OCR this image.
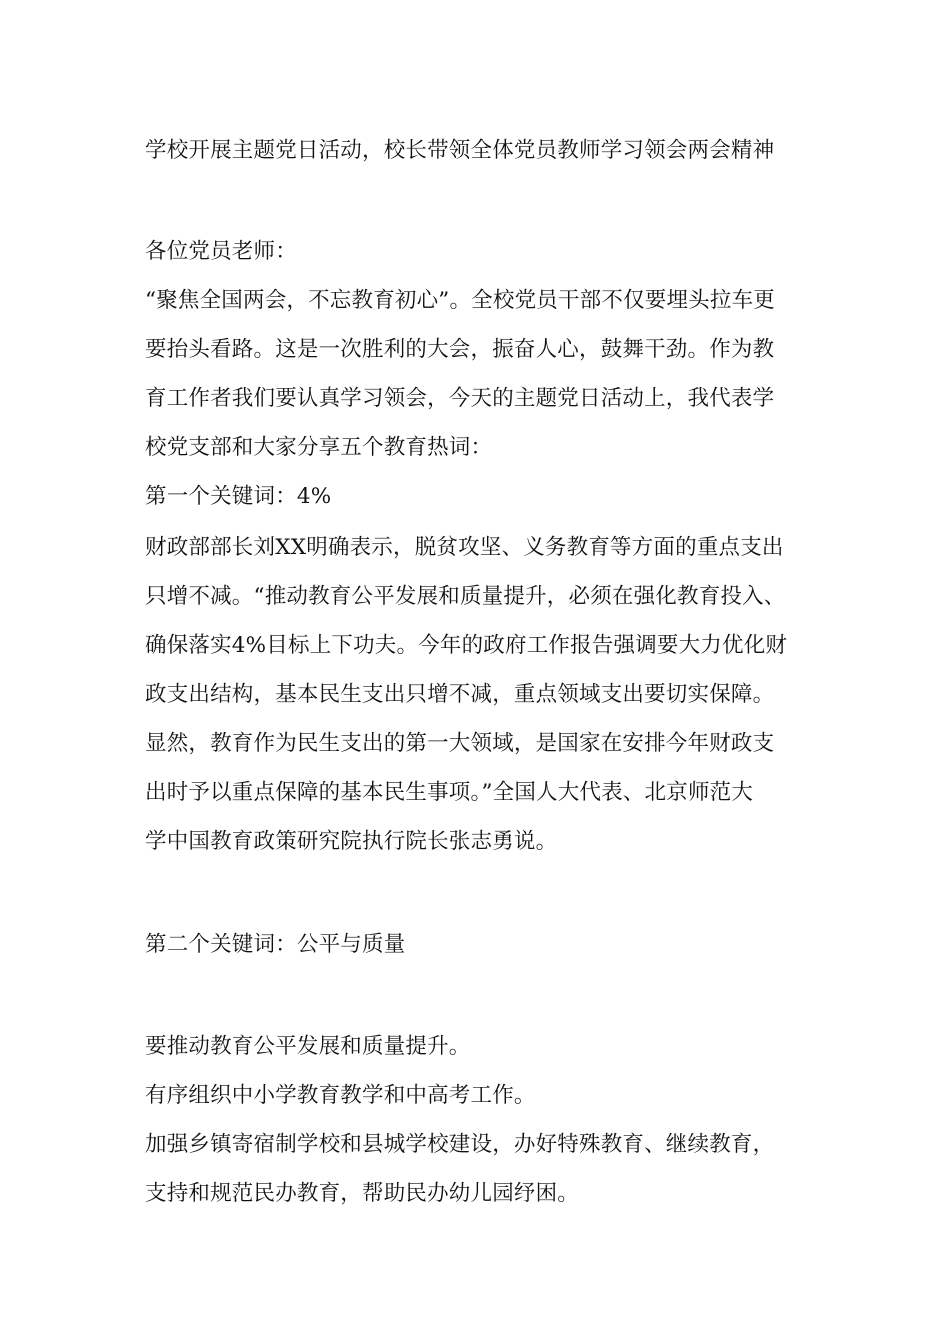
学校开展主题党日活动，校长带领全体党员教师学习领会两会精神

各位党员老师：

“聚焦全国两会，不忘教育初心”。全校党员干部不仅要埋头拉车更

要抬头看路。这是一次胜利的大会，振奋人心，鼓舞干劲。作为教

育工作者我们要认真学习领会，今天的主题党日活动上，我代表学

校党支部和大家分享五个教育热词：

第一个关键词：4%

财政部部长刘XX明确表示，脱贫攻坚、义务教育等方面的重点支出

只增不减。“推动教育公平发展和质量提升，必须在强化教育投入、

确保落实4%目标上下功夫。今年的政府工作报告强调要大力优化财

政支出结构，基本民生支出只增不减，重点领域支出要切实保障。

显然，教育作为民生支出的第一大领域，是国家在安排今年财政支

出时予以重点保障的基本民生事项。”全国人大代表、北京师范大

学中国教育政策研究院执行院长张志勇说。

第二个关键词：公平与质量

要推动教育公平发展和质量提升。

有序组织中小学教育教学和中高考工作。

加强乡镇寄宿制学校和县城学校建设，办好特殊教育、继续教育，

支持和规范民办教育，帮助民办幼儿园纾困。
